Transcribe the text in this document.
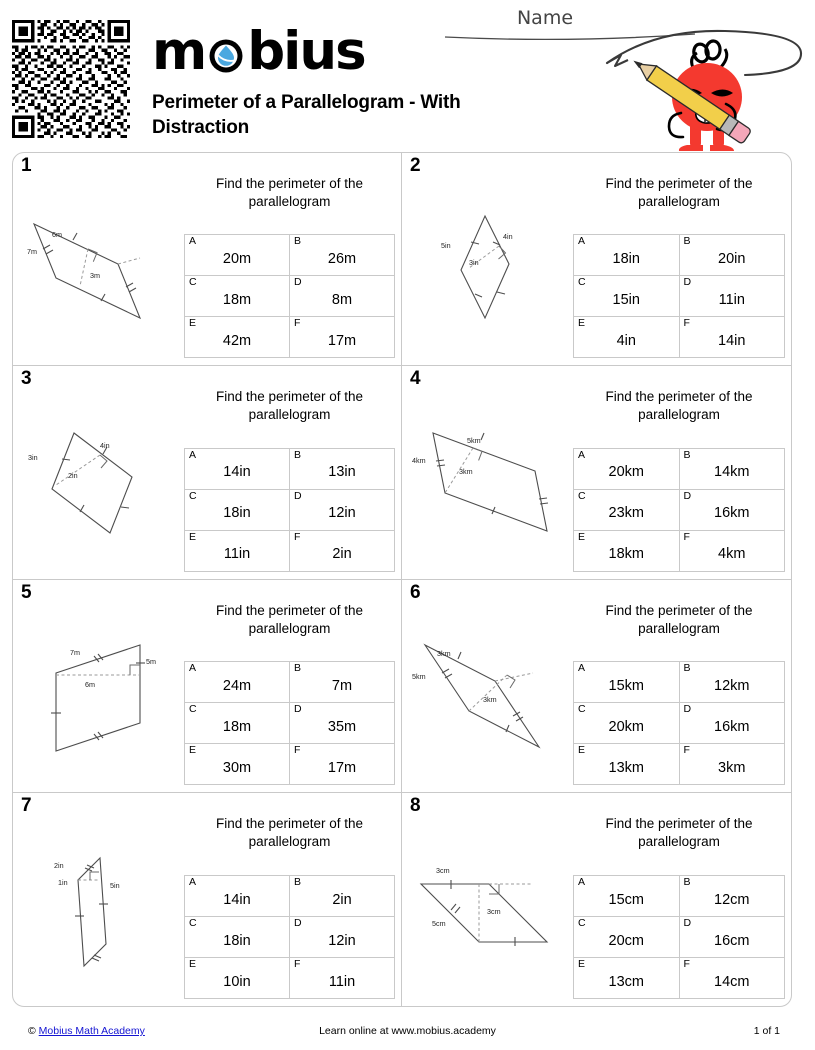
m bius
Perimeter of a Parallelogram - With Distraction
Name
1
6m
7m
3m
Find the perimeter of the parallelogram
A
20m	B
26m

C
18m	D
8m

E
42m	F
17m
2
5in
4in
3in
Find the perimeter of the parallelogram
A
18in	B
20in

C
15in	D
11in

E
4in	F
14in
3
3in
4in
2in
Find the perimeter of the parallelogram
A
14in	B
13in

C
18in	D
12in

E
11in	F
2in
4
5km
4km
3km
Find the perimeter of the parallelogram
A
20km	B
14km

C
23km	D
16km

E
18km	F
4km
5
7m
5m
6m
Find the perimeter of the parallelogram
A
24m	B
7m

C
18m	D
35m

E
30m	F
17m
6
3km
5km
3km
Find the perimeter of the parallelogram
A
15km	B
12km

C
20km	D
16km

E
13km	F
3km
7
2in
1in	5in
Find the perimeter of the parallelogram
A
14in	B
2in

C
18in	D
12in

E
10in	F
11in
8
3cm
5cm
3cm
Find the perimeter of the parallelogram
A
15cm	B
12cm

C
20cm	D
16cm

E
13cm	F
14cm
© Mobius Math Academy	Learn online at www.mobius.academy	1 of 1
